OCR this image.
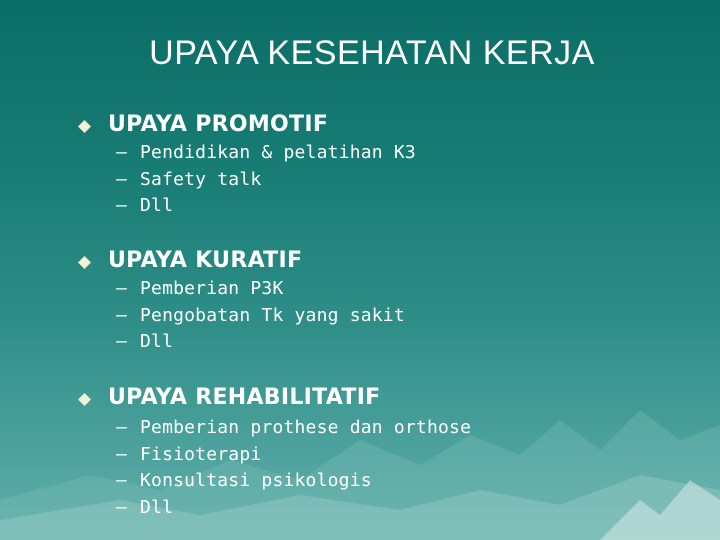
UPAYA KESEHATAN KERJA
UPAYA PROMOTIF
– Pendidikan & pelatihan K3
– Safety talk
– Dll
UPAYA KURATIF
– Pemberian P3K
– Pengobatan Tk yang sakit
– Dll
UPAYA REHABILITATIF
– Pemberian prothese dan orthose
– Fisioterapi
– Konsultasi psikologis
– Dll
